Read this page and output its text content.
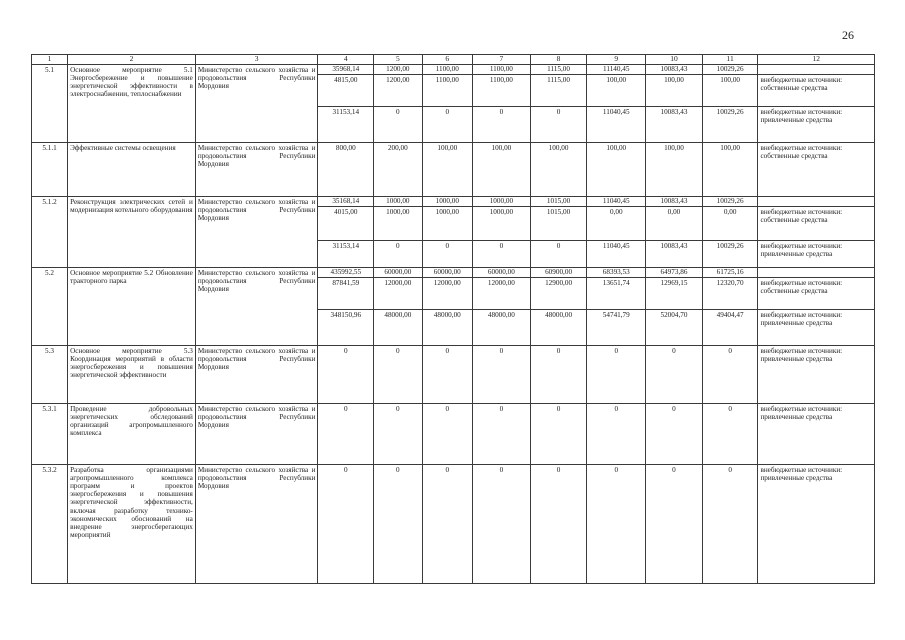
26
1	2	3	4	5	6	7	8	9	10	11	12
5.1	Основное мероприятие 5.1 Энергосбережение и повышение энергетической эффективности в электроснабжении, теплоснабжении	Министерство сельского хозяйства и продовольствия Республики Мордовия	35968,14	1200,00	1100,00	1100,00	1115,00	11140,45	10083,43	10029,26	
			4815,00	1200,00	1100,00	1100,00	1115,00	100,00	100,00	100,00	внебюджетные источники: собственные средства
			31153,14	0	0	0	0	11040,45	10083,43	10029,26	внебюджетные источники: привлеченные средства
5.1.1	Эффективные системы освещения	Министерство сельского хозяйства и продовольствия Республики Мордовия	800,00	200,00	100,00	100,00	100,00	100,00	100,00	100,00	внебюджетные источники: собственные средства
5.1.2	Реконструкция электрических сетей и модернизация котельного оборудования	Министерство сельского хозяйства и продовольствия Республики Мордовия	35168,14	1000,00	1000,00	1000,00	1015,00	11040,45	10083,43	10029,26	
			4015,00	1000,00	1000,00	1000,00	1015,00	0,00	0,00	0,00	внебюджетные источники: собственные средства
			31153,14	0	0	0	0	11040,45	10083,43	10029,26	внебюджетные источники: привлеченные средства
5.2	Основное мероприятие 5.2 Обновление тракторного парка	Министерство сельского хозяйства и продовольствия Республики Мордовия	435992,55	60000,00	60000,00	60000,00	60900,00	68393,53	64973,86	61725,16	
			87841,59	12000,00	12000,00	12000,00	12900,00	13651,74	12969,15	12320,70	внебюджетные источники: собственные средства
			348150,96	48000,00	48000,00	48000,00	48000,00	54741,79	52004,70	49404,47	внебюджетные источники: привлеченные средства
5.3	Основное мероприятие 5.3 Координация мероприятий в области энергосбережения и повышения энергетической эффективности	Министерство сельского хозяйства и продовольствия Республики Мордовия	0	0	0	0	0	0	0	0	внебюджетные источники: привлеченные средства
5.3.1	Проведение добровольных энергетических обследований организаций агропромышленного комплекса	Министерство сельского хозяйства и продовольствия Республики Мордовия	0	0	0	0	0	0	0	0	внебюджетные источники: привлеченные средства
5.3.2	Разработка организациями агропромышленного комплекса программ и проектов энергосбережения и повышения энергетической эффективности, включая разработку технико-экономических обоснований на внедрение энергосберегающих мероприятий	Министерство сельского хозяйства и продовольствия Республики Мордовия	0	0	0	0	0	0	0	0	внебюджетные источники: привлеченные средства
